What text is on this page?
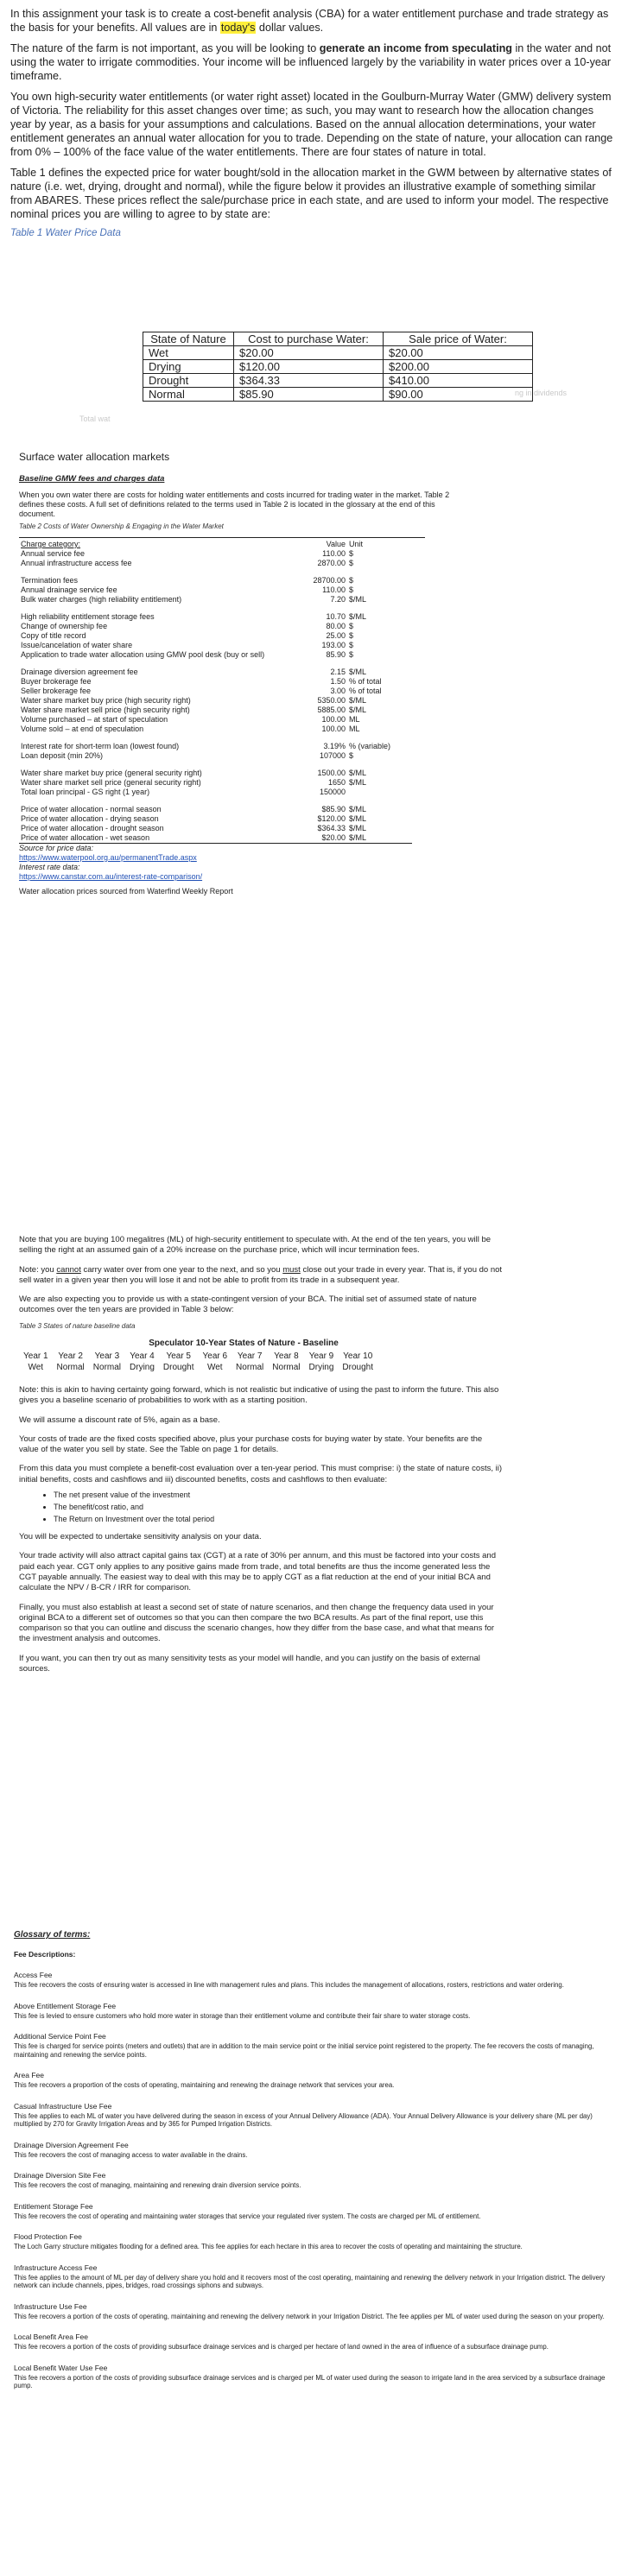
In this assignment your task is to create a cost-benefit analysis (CBA) for a water entitlement purchase and trade strategy as the basis for your benefits. All values are in today's dollar values.

The nature of the farm is not important, as you will be looking to generate an income from speculating in the water and not using the water to irrigate commodities. Your income will be influenced largely by the variability in water prices over a 10-year timeframe.

You own high-security water entitlements (or water right asset) located in the Goulburn-Murray Water (GMW) delivery system of Victoria. The reliability for this asset changes over time; as such, you may want to research how the allocation changes year by year, as a basis for your assumptions and calculations. Based on the annual allocation determinations, your water entitlement generates an annual water allocation for you to trade. Depending on the state of nature, your allocation can range from 0% – 100% of the face value of the water entitlements. There are four states of nature in total.

Table 1 defines the expected price for water bought/sold in the allocation market in the GWM between by alternative states of nature (i.e. wet, drying, drought and normal), while the figure below it provides an illustrative example of something similar from ABARES. These prices reflect the sale/purchase price in each state, and are used to inform your model. The respective nominal prices you are willing to agree to by state are:

Table 1 Water Price Data
State of Nature	Cost to purchase Water:	Sale price of Water:
Wet	$20.00	$20.00
Drying	$120.00	$200.00
Drought	$364.33	$410.00
Normal	$85.90	$90.00
Total wat
ng in dividends
Surface water allocation markets
Baseline GMW fees and charges data
When you own water there are costs for holding water entitlements and costs incurred for trading water in the market. Table 2 defines these costs. A full set of definitions related to the terms used in Table 2 is located in the glossary at the end of this document.
Table 2 Costs of Water Ownership & Engaging in the Water Market
Charge category:	Value	Unit
Annual service fee	110.00	$
Annual infrastructure access fee	2870.00	$

Termination fees	28700.00	$
Annual drainage service fee	110.00	$
Bulk water charges (high reliability entitlement)	7.20	$/ML

High reliability entitlement storage fees	10.70	$/ML
Change of ownership fee	80.00	$
Copy of title record	25.00	$
Issue/cancelation of water share	193.00	$
Application to trade water allocation using GMW pool desk (buy or sell)	85.90	$

Drainage diversion agreement fee	2.15	$/ML
Buyer brokerage fee	1.50	% of total
Seller brokerage fee	3.00	% of total
Water share market buy price (high security right)	5350.00	$/ML
Water share market sell price (high security right)	5885.00	$/ML
Volume purchased – at start of speculation	100.00	ML
Volume sold – at end of speculation	100.00	ML

Interest rate for short-term loan (lowest found)	3.19%	% (variable)
Loan deposit (min 20%)	107000	$

Water share market buy price (general security right)	1500.00	$/ML
Water share market sell price (general security right)	1650	$/ML
Total loan principal - GS right (1 year)	150000	

Price of water allocation - normal season	$85.90	$/ML
Price of water allocation - drying season	$120.00	$/ML
Price of water allocation - drought season	$364.33	$/ML
Price of water allocation - wet season	$20.00	$/ML
Source for price data:
https://www.waterpool.org.au/permanentTrade.aspx
Interest rate data:
https://www.canstar.com.au/interest-rate-comparison/
Water allocation prices sourced from Waterfind Weekly Report

Note that you are buying 100 megalitres (ML) of high-security entitlement to speculate with. At the end of the ten years, you will be selling the right at an assumed gain of a 20% increase on the purchase price, which will incur termination fees.

Note: you cannot carry water over from one year to the next, and so you must close out your trade in every year. That is, if you do not sell water in a given year then you will lose it and not be able to profit from its trade in a subsequent year.

We are also expecting you to provide us with a state-contingent version of your BCA. The initial set of assumed state of nature outcomes over the ten years are provided in Table 3 below:

Table 3 States of nature baseline data
Speculator 10-Year States of Nature - Baseline
Year 1	Year 2	Year 3	Year 4	Year 5	Year 6	Year 7	Year 8	Year 9	Year 10
Wet	Normal	Normal	Drying	Drought	Wet	Normal	Normal	Drying	Drought

Note: this is akin to having certainty going forward, which is not realistic but indicative of using the past to inform the future. This also gives you a baseline scenario of probabilities to work with as a starting position.

We will assume a discount rate of 5%, again as a base.

Your costs of trade are the fixed costs specified above, plus your purchase costs for buying water by state. Your benefits are the value of the water you sell by state. See the Table on page 1 for details.

From this data you must complete a benefit-cost evaluation over a ten-year period. This must comprise: i) the state of nature costs, ii) initial benefits, costs and cashflows and iii) discounted benefits, costs and cashflows to then evaluate:

• The net present value of the investment
• The benefit/cost ratio, and
• The Return on Investment over the total period

You will be expected to undertake sensitivity analysis on your data.

Your trade activity will also attract capital gains tax (CGT) at a rate of 30% per annum, and this must be factored into your costs and paid each year. CGT only applies to any positive gains made from trade, and total benefits are thus the income generated less the CGT payable annually. The easiest way to deal with this may be to apply CGT as a flat reduction at the end of your initial BCA and calculate the NPV / B-CR / IRR for comparison.

Finally, you must also establish at least a second set of state of nature scenarios, and then change the frequency data used in your original BCA to a different set of outcomes so that you can then compare the two BCA results. As part of the final report, use this comparison so that you can outline and discuss the scenario changes, how they differ from the base case, and what that means for the investment analysis and outcomes.

If you want, you can then try out as many sensitivity tests as your model will handle, and you can justify on the basis of external sources.

Glossary of terms:
Fee Descriptions:
Access Fee
This fee recovers the costs of ensuring water is accessed in line with management rules and plans. This includes the management of allocations, rosters, restrictions and water ordering.
Above Entitlement Storage Fee
This fee is levied to ensure customers who hold more water in storage than their entitlement volume and contribute their fair share to water storage costs.
Additional Service Point Fee
This fee is charged for service points (meters and outlets) that are in addition to the main service point or the initial service point registered to the property. The fee recovers the costs of managing, maintaining and renewing the service points.
Area Fee
This fee recovers a proportion of the costs of operating, maintaining and renewing the drainage network that services your area.
Casual Infrastructure Use Fee
This fee applies to each ML of water you have delivered during the season in excess of your Annual Delivery Allowance (ADA). Your Annual Delivery Allowance is your delivery share (ML per day) multiplied by 270 for Gravity Irrigation Areas and by 365 for Pumped Irrigation Districts.
Drainage Diversion Agreement Fee
This fee recovers the cost of managing access to water available in the drains.
Drainage Diversion Site Fee
This fee recovers the cost of managing, maintaining and renewing drain diversion service points.
Entitlement Storage Fee
This fee recovers the cost of operating and maintaining water storages that service your regulated river system. The costs are charged per ML of entitlement.
Flood Protection Fee
The Loch Garry structure mitigates flooding for a defined area. This fee applies for each hectare in this area to recover the costs of operating and maintaining the structure.
Infrastructure Access Fee
This fee applies to the amount of ML per day of delivery share you hold and it recovers most of the cost operating, maintaining and renewing the delivery network in your Irrigation district. The delivery network can include channels, pipes, bridges, road crossings siphons and subways.
Infrastructure Use Fee
This fee recovers a portion of the costs of operating, maintaining and renewing the delivery network in your Irrigation District. The fee applies per ML of water used during the season on your property.
Local Benefit Area Fee
This fee recovers a portion of the costs of providing subsurface drainage services and is charged per hectare of land owned in the area of influence of a subsurface drainage pump.
Local Benefit Water Use Fee
This fee recovers a portion of the costs of providing subsurface drainage services and is charged per ML of water used during the season to irrigate land in the area serviced by a subsurface drainage pump.
